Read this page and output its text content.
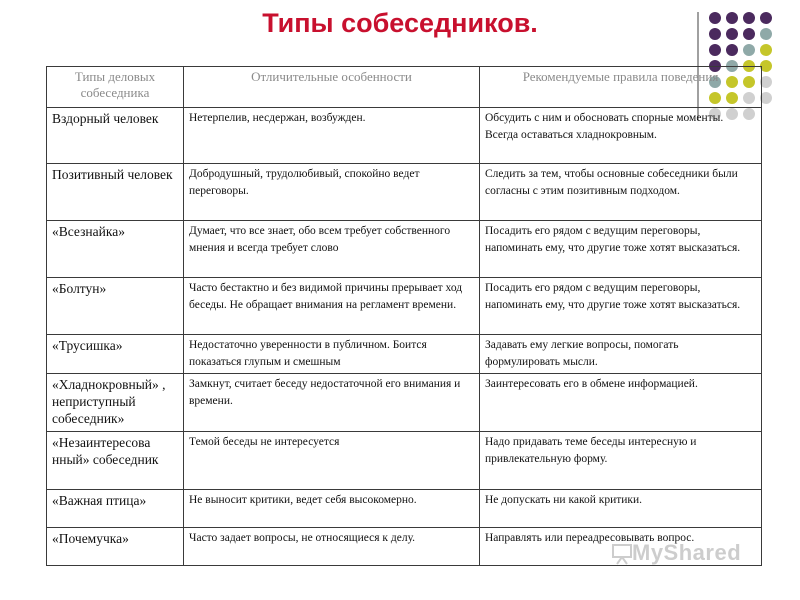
Типы собеседников.
Типы деловых собеседника	Отличительные особенности	Рекомендуемые правила поведения
Вздорный человек	Нетерпелив, несдержан, возбужден.	Обсудить с ним и обосновать спорные моменты. Всегда оставаться хладнокровным.
Позитивный человек	Добродушный, трудолюбивый, спокойно ведет переговоры.	Следить за тем, чтобы основные собеседники были согласны с этим позитивным подходом.
«Всезнайка»	Думает, что все знает, обо всем требует собственного мнения и всегда требует слово	Посадить его рядом с ведущим переговоры, напоминать ему, что другие тоже хотят высказаться.
«Болтун»	Часто бестактно и без видимой причины прерывает ход беседы. Не обращает внимания на регламент времени.	Посадить его рядом с ведущим переговоры, напоминать ему, что другие тоже хотят высказаться.
«Трусишка»	Недостаточно уверенности в публичном. Боится показаться глупым и смешным	Задавать ему легкие вопросы, помогать формулировать мысли.
«Хладнокровный» , неприступный собеседник»	Замкнут, считает беседу недостаточной его внимания и времени.	Заинтересовать его в обмене информацией.
«Незаинтересова нный» собеседник	Темой беседы не интересуется	Надо придавать теме беседы интересную и привлекательную форму.
«Важная птица»	Не выносит критики, ведет себя высокомерно.	Не допускать ни какой критики.
«Почемучка»	Часто задает вопросы, не относящиеся к делу.	Направлять или переадресовывать вопрос.
MyShared
